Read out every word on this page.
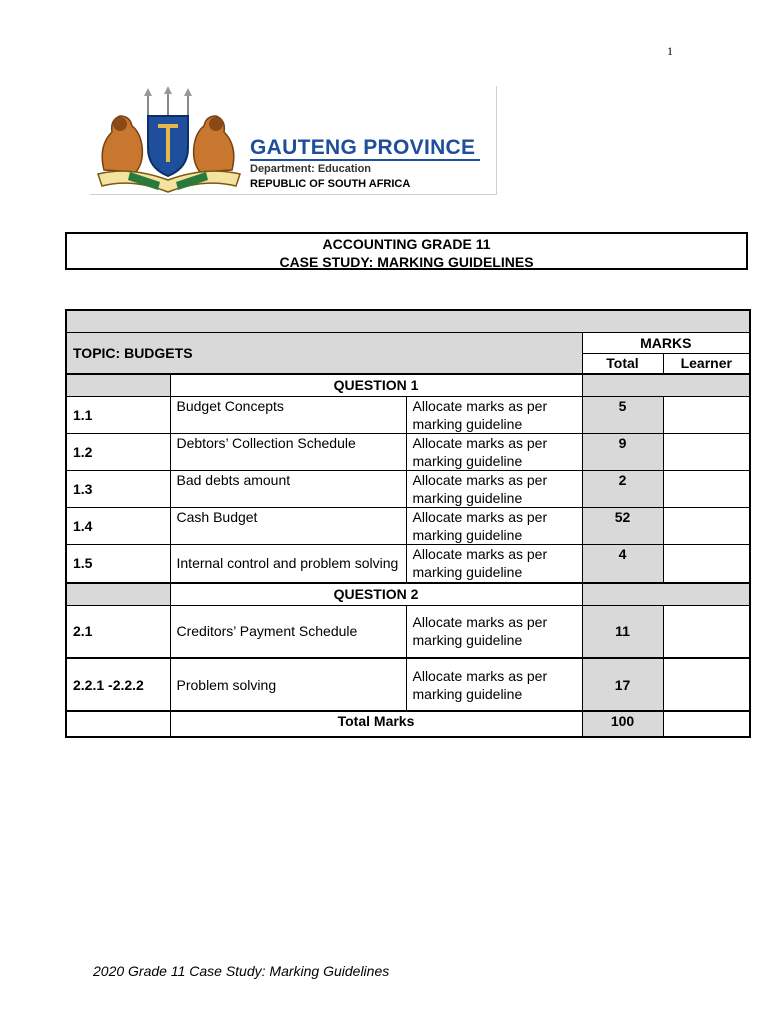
1
GAUTENG PROVINCE
Department: Education
REPUBLIC OF SOUTH AFRICA
ACCOUNTING GRADE 11
CASE STUDY: MARKING GUIDELINES

TOPIC: BUDGETS			MARKS	
			Total	Learner
	QUESTION 1			
1.1	Budget Concepts	Allocate marks as per marking guideline	5	
1.2	Debtors’ Collection Schedule	Allocate marks as per marking guideline	9	
1.3	Bad debts amount	Allocate marks as per marking guideline	2	
1.4	Cash Budget	Allocate marks as per marking guideline	52	
1.5	Internal control and problem solving	Allocate marks as per marking guideline	4	
	QUESTION 2			
2.1	Creditors’ Payment Schedule	Allocate marks as per marking guideline	11	
2.2.1 -2.2.2	Problem solving	Allocate marks as per marking guideline	17	
	Total Marks		100	
2020 Grade 11 Case Study: Marking Guidelines
